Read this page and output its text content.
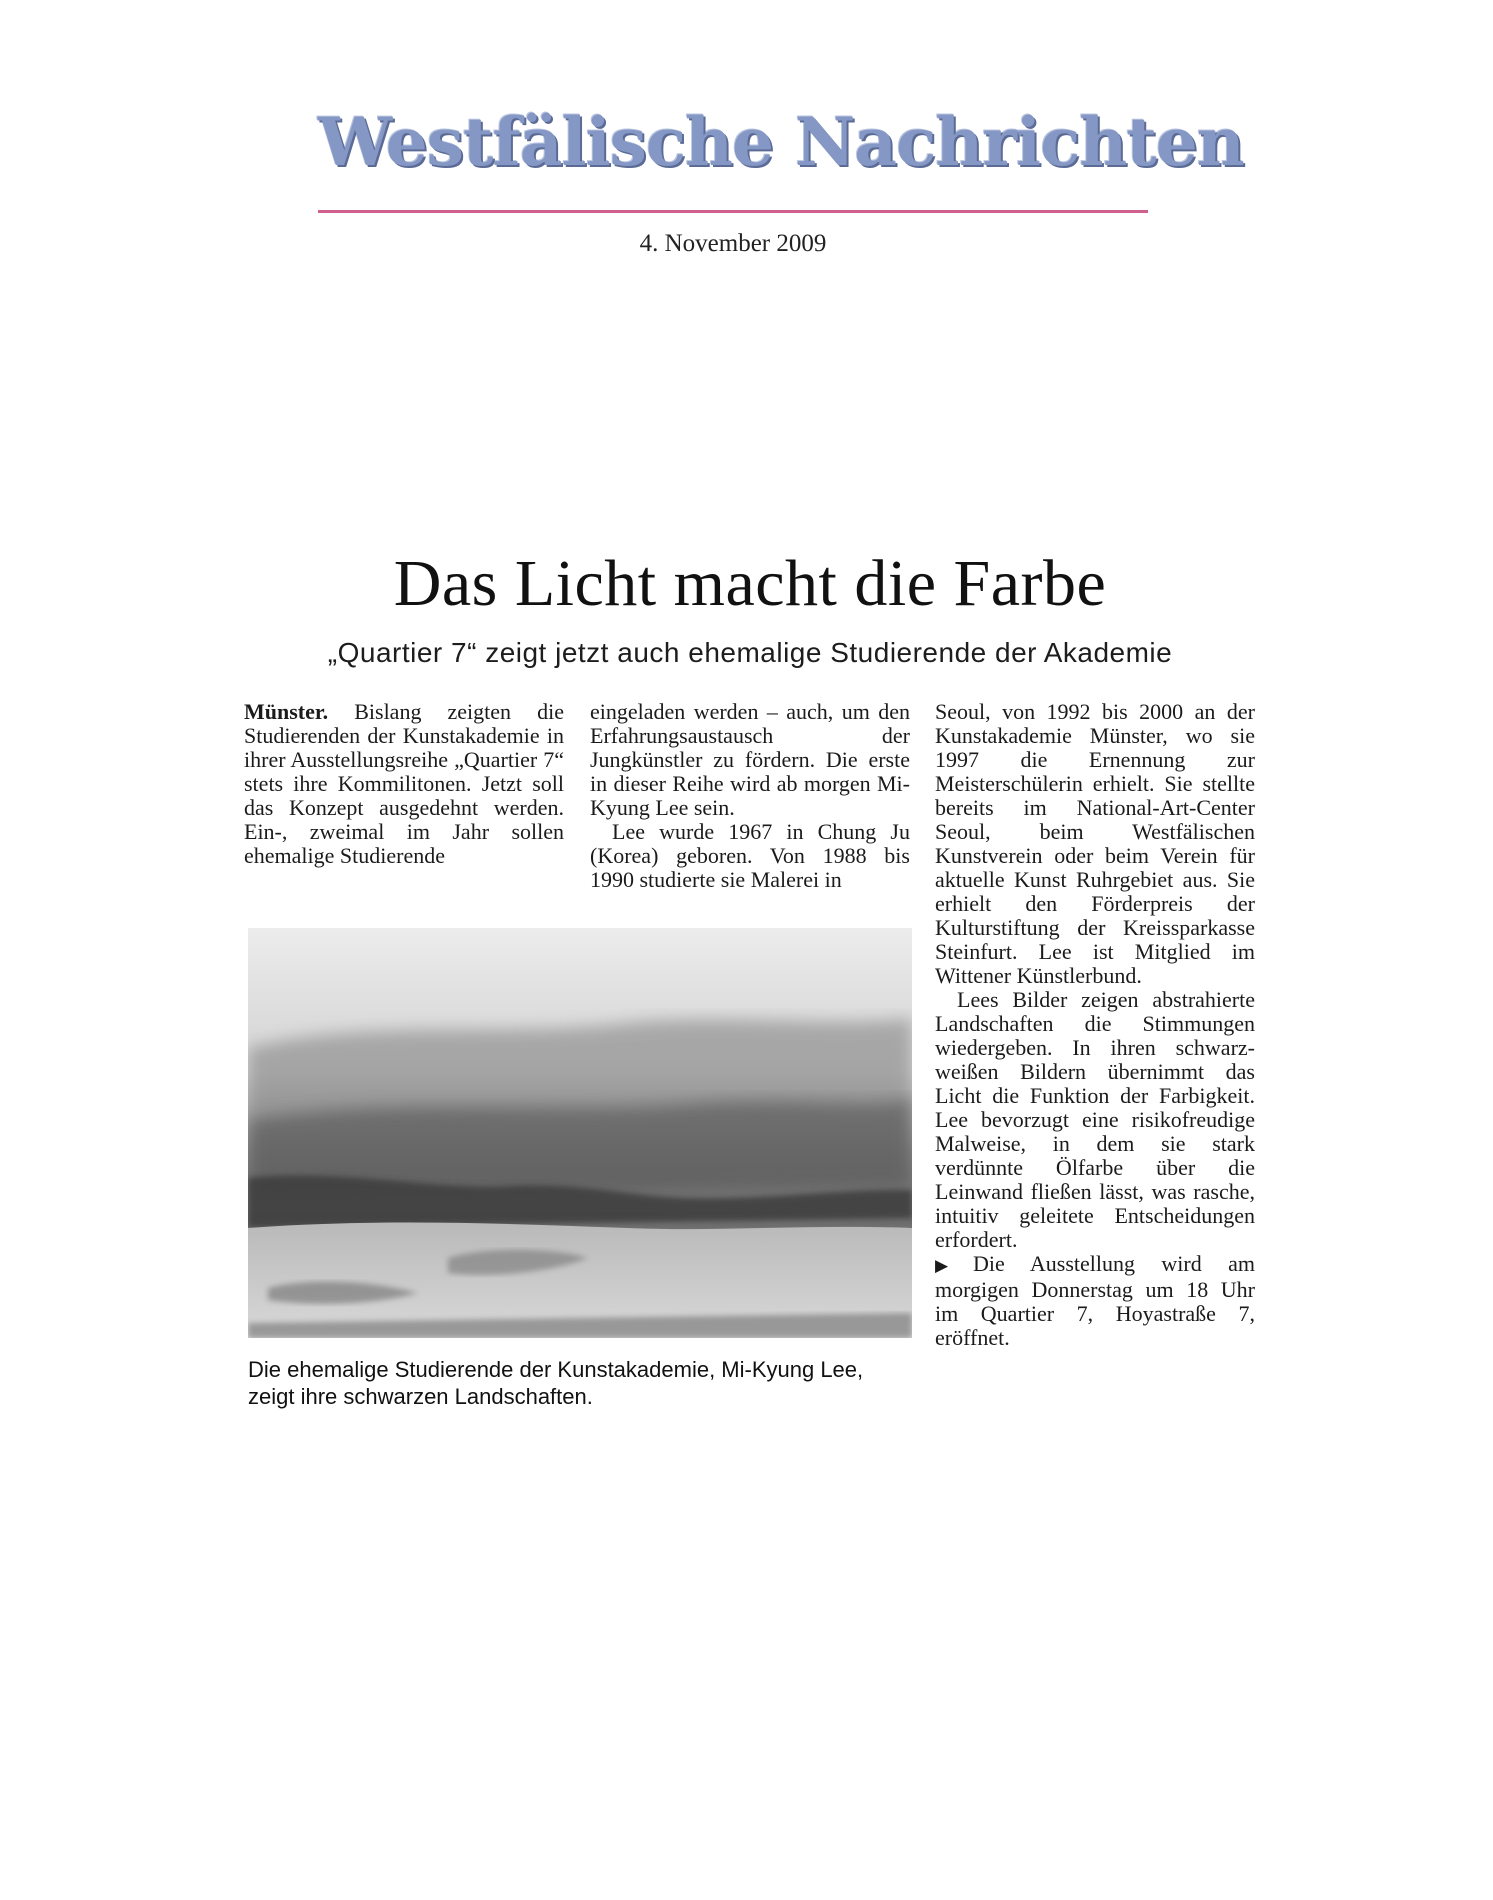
Westfälische Nachrichten
4. November 2009
Das Licht macht die Farbe
„Quartier 7“ zeigt jetzt auch ehemalige Studierende der Akademie

Münster. Bislang zeigten die Studierenden der Kunstakademie in ihrer Ausstellungsreihe „Quartier 7“ stets ihre Kommilitonen. Jetzt soll das Konzept ausgedehnt werden. Ein-, zweimal im Jahr sollen ehemalige Studierende

eingeladen werden – auch, um den Erfahrungsaustausch der Jungkünstler zu fördern. Die erste in dieser Reihe wird ab morgen Mi-Kyung Lee sein.

Lee wurde 1967 in Chung Ju (Korea) geboren. Von 1988 bis 1990 studierte sie Malerei in

Seoul, von 1992 bis 2000 an der Kunstakademie Münster, wo sie 1997 die Ernennung zur Meisterschülerin erhielt. Sie stellte bereits im National-Art-Center Seoul, beim Westfälischen Kunstverein oder beim Verein für aktuelle Kunst Ruhrgebiet aus. Sie erhielt den Förderpreis der Kulturstiftung der Kreissparkasse Steinfurt. Lee ist Mitglied im Wittener Künstlerbund.

Lees Bilder zeigen abstrahierte Landschaften die Stimmungen wiedergeben. In ihren schwarz-weißen Bildern übernimmt das Licht die Funktion der Farbigkeit. Lee bevorzugt eine risikofreudige Malweise, in dem sie stark verdünnte Ölfarbe über die Leinwand fließen lässt, was rasche, intuitiv geleitete Entscheidungen erfordert.

▶ Die Ausstellung wird am morgigen Donnerstag um 18 Uhr im Quartier 7, Hoyastraße 7, eröffnet.

Die ehemalige Studierende der Kunstakademie, Mi-Kyung Lee, zeigt ihre schwarzen Landschaften.
